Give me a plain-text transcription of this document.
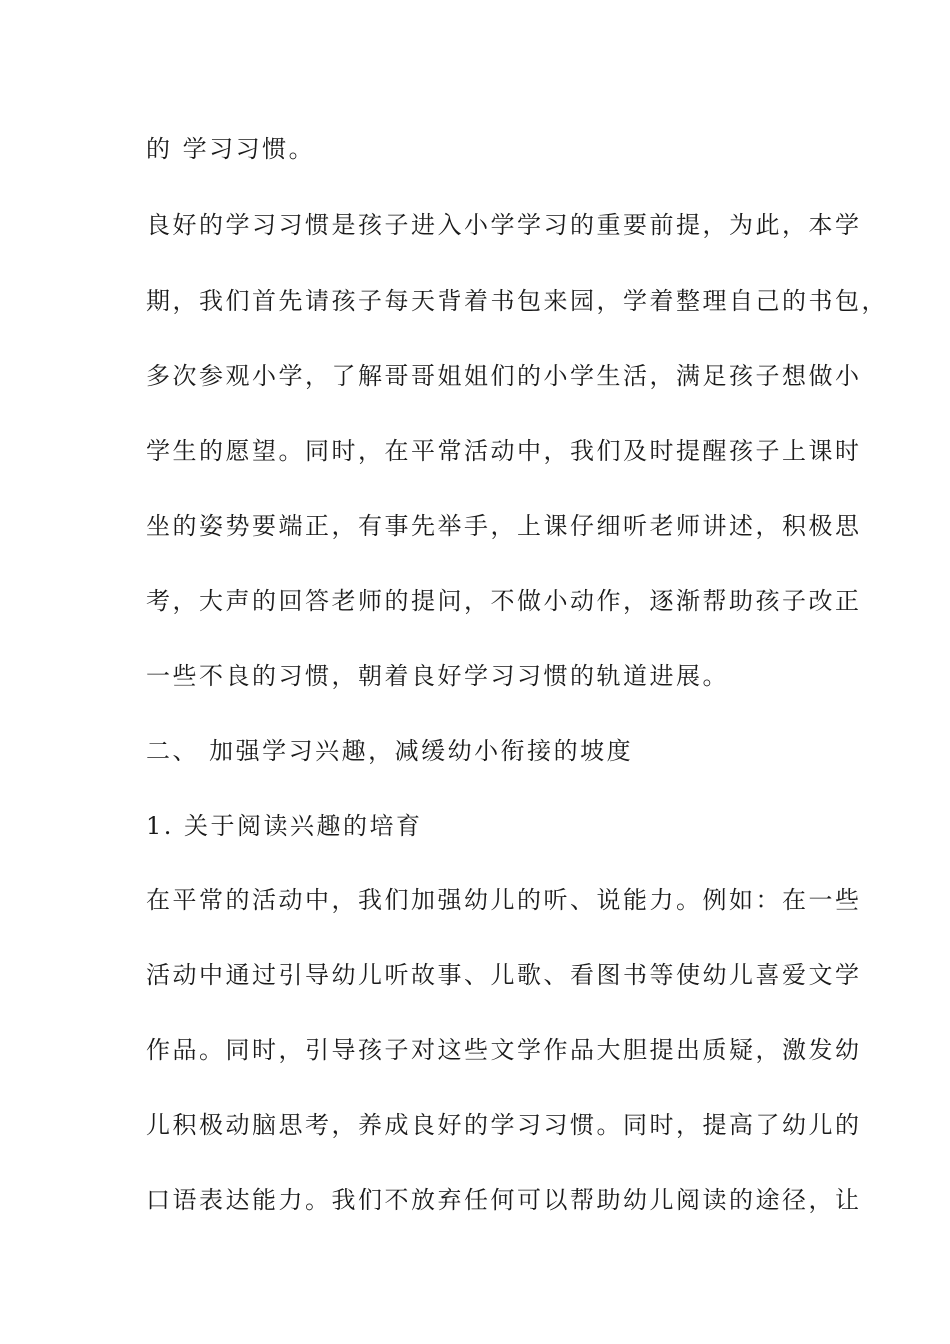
的 学习习惯。
良好的学习习惯是孩子进入小学学习的重要前提，为此，本学
期，我们首先请孩子每天背着书包来园，学着整理自己的书包，
多次参观小学，了解哥哥姐姐们的小学生活，满足孩子想做小
学生的愿望。同时，在平常活动中，我们及时提醒孩子上课时
坐的姿势要端正，有事先举手，上课仔细听老师讲述，积极思
考，大声的回答老师的提问，不做小动作，逐渐帮助孩子改正
一些不良的习惯，朝着良好学习习惯的轨道进展。
二、 加强学习兴趣，减缓幼小衔接的坡度
1. 关于阅读兴趣的培育
在平常的活动中，我们加强幼儿的听、说能力。例如：在一些
活动中通过引导幼儿听故事、儿歌、看图书等使幼儿喜爱文学
作品。同时，引导孩子对这些文学作品大胆提出质疑，激发幼
儿积极动脑思考，养成良好的学习习惯。同时，提高了幼儿的
口语表达能力。我们不放弃任何可以帮助幼儿阅读的途径，让
